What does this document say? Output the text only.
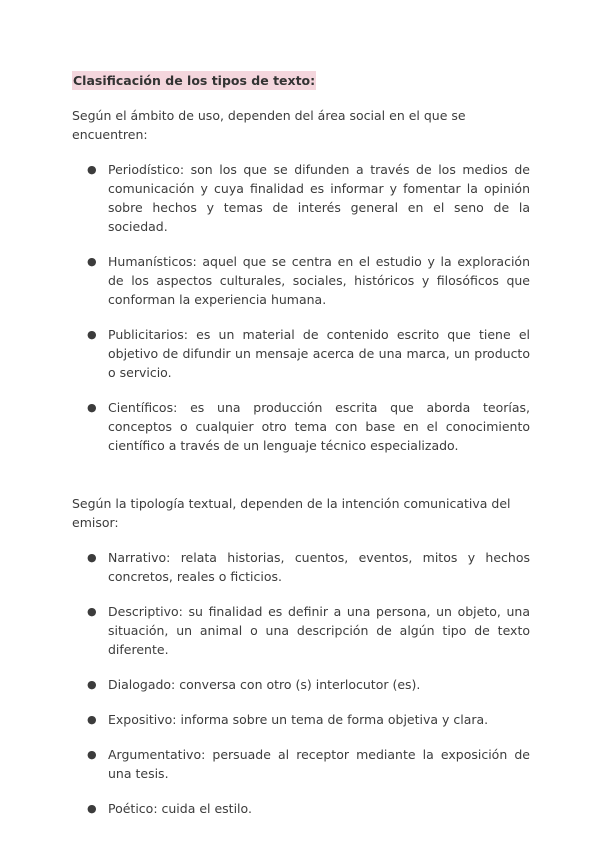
Clasificación de los tipos de texto:

Según el ámbito de uso, dependen del área social en el que se encuentren:

● Periodístico: son los que se difunden a través de los medios de comunicación y cuya finalidad es informar y fomentar la opinión sobre hechos y temas de interés general en el seno de la sociedad.
● Humanísticos: aquel que se centra en el estudio y la exploración de los aspectos culturales, sociales, históricos y filosóficos que conforman la experiencia humana.
● Publicitarios: es un material de contenido escrito que tiene el objetivo de difundir un mensaje acerca de una marca, un producto o servicio.
● Científicos: es una producción escrita que aborda teorías, conceptos o cualquier otro tema con base en el conocimiento científico a través de un lenguaje técnico especializado.

Según la tipología textual, dependen de la intención comunicativa del emisor:

● Narrativo: relata historias, cuentos, eventos, mitos y hechos concretos, reales o ficticios.
● Descriptivo: su finalidad es definir a una persona, un objeto, una situación, un animal o una descripción de algún tipo de texto diferente.
● Dialogado: conversa con otro (s) interlocutor (es).
● Expositivo: informa sobre un tema de forma objetiva y clara.
● Argumentativo: persuade al receptor mediante la exposición de una tesis.
● Poético: cuida el estilo.
